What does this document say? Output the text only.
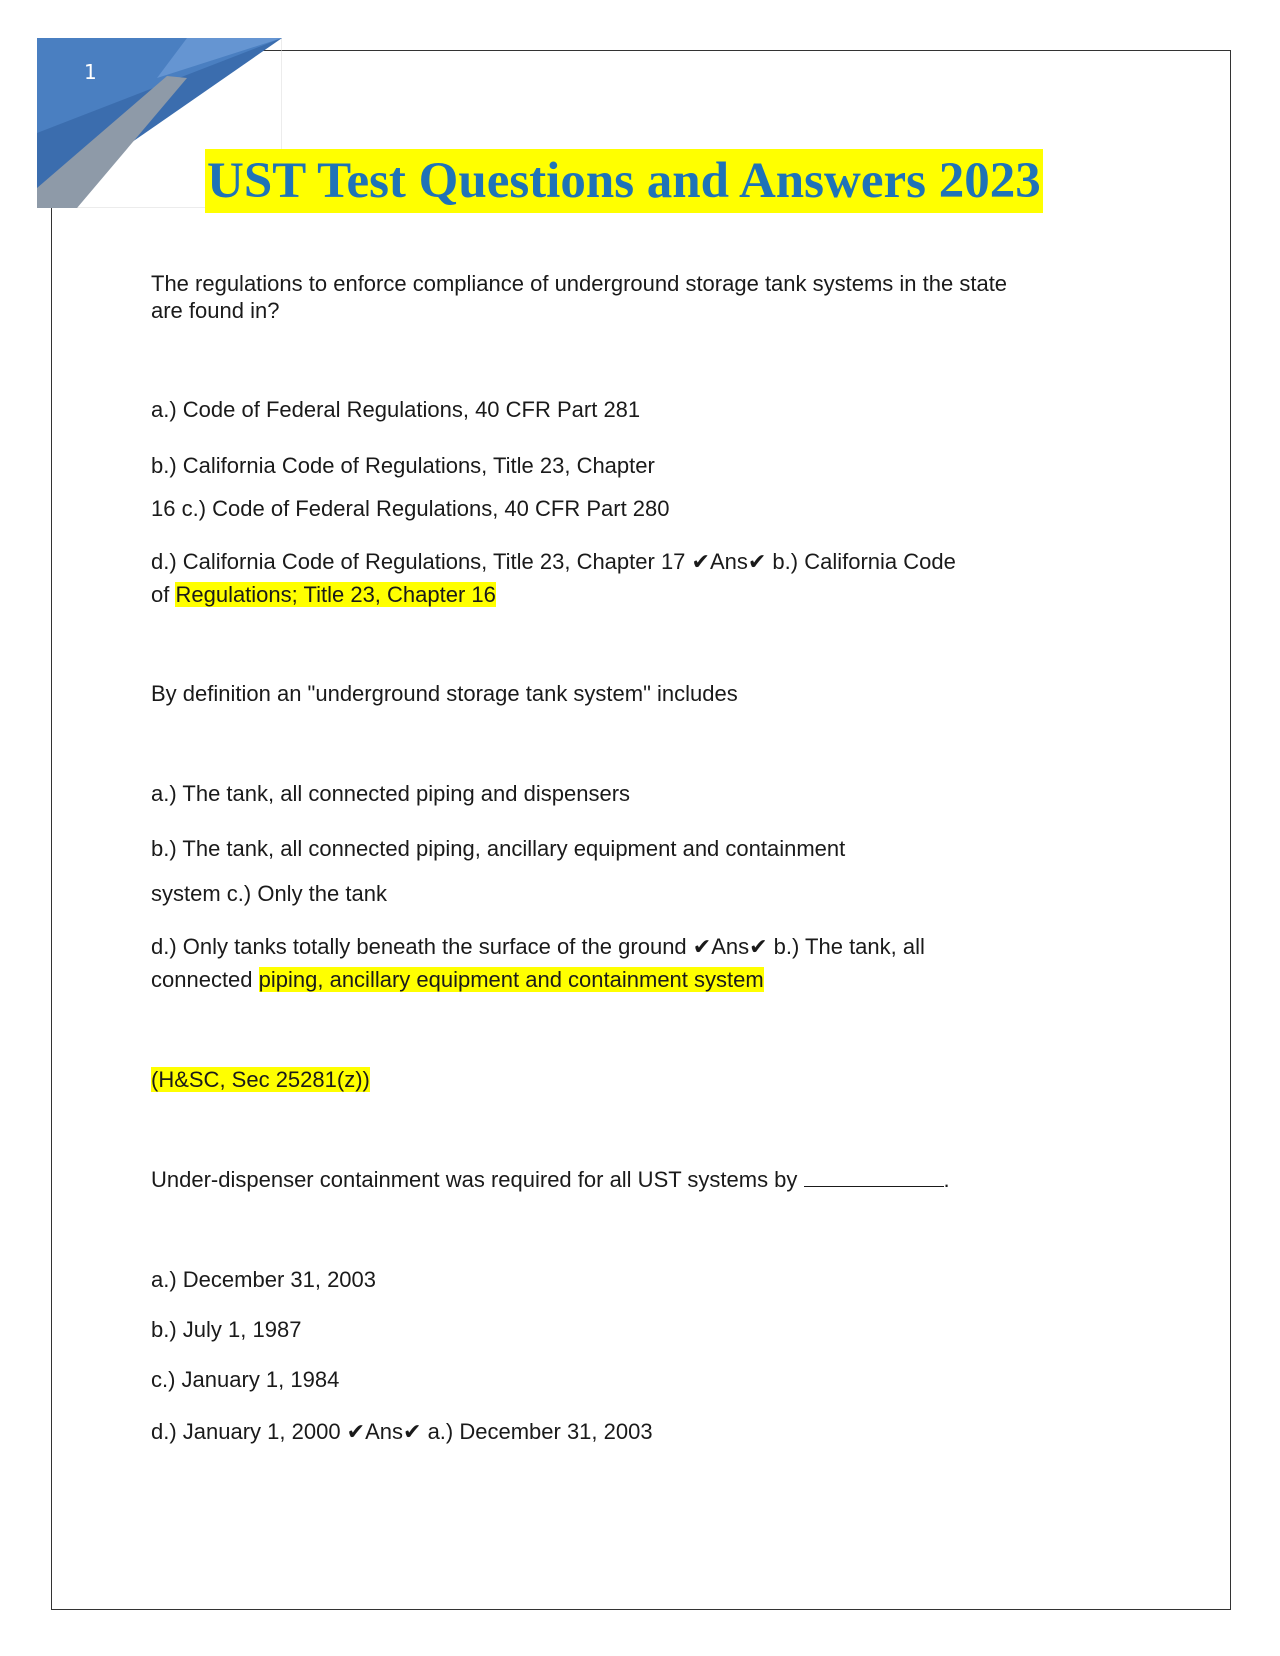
1
UST Test Questions and Answers 2023

The regulations to enforce compliance of underground storage tank systems in the state

are found in?

a.) Code of Federal Regulations, 40 CFR Part 281

b.) California Code of Regulations, Title 23, Chapter

16 c.) Code of Federal Regulations, 40 CFR Part 280

d.) California Code of Regulations, Title 23, Chapter 17 ✔Ans✔ b.) California Code

of Regulations; Title 23, Chapter 16

By definition an "underground storage tank system" includes

a.) The tank, all connected piping and dispensers

b.) The tank, all connected piping, ancillary equipment and containment

system c.) Only the tank

d.) Only tanks totally beneath the surface of the ground ✔Ans✔ b.) The tank, all

connected piping, ancillary equipment and containment system

(H&SC, Sec 25281(z))

Under-dispenser containment was required for all UST systems by	.

a.) December 31, 2003

b.) July 1, 1987

c.) January 1, 1984

d.) January 1, 2000 ✔Ans✔ a.) December 31, 2003
